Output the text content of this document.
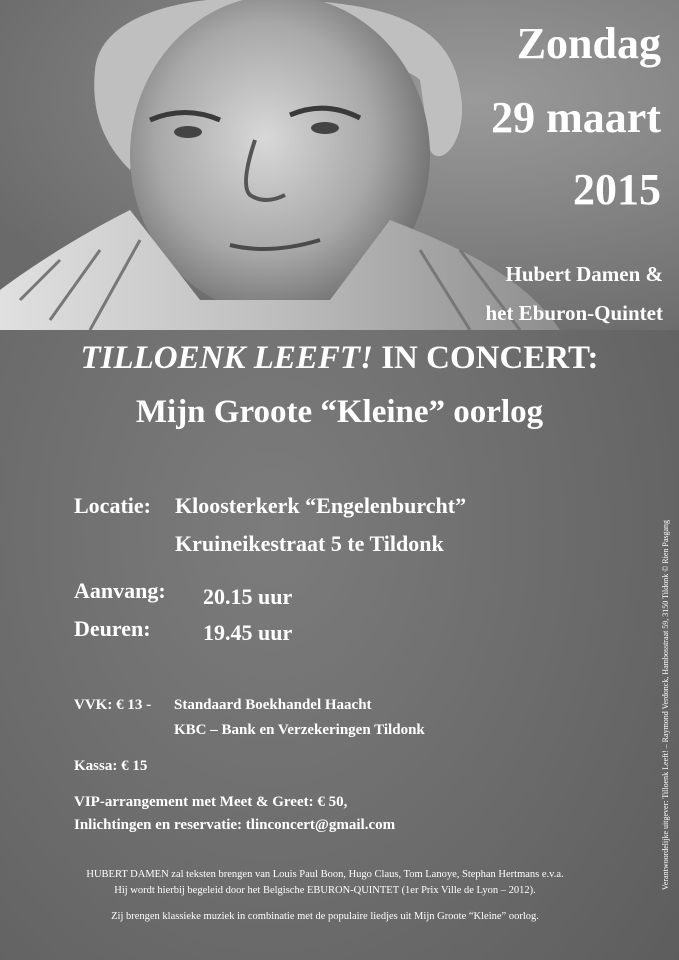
Zondag
29 maart
2015
Hubert Damen &
het Eburon-Quintet
TILLOENK LEEFT! IN CONCERT:
Mijn Groote “Kleine” oorlog
Locatie: Kloosterkerk “Engelenburcht”
Kruineikestraat 5 te Tildonk
Aanvang: 20.15 uur
Deuren: 19.45 uur
VVK: € 13 - Standaard Boekhandel Haacht
KBC – Bank en Verzekeringen Tildonk
Kassa: € 15
VIP-arrangement met Meet & Greet: € 50,
Inlichtingen en reservatie: tlinconcert@gmail.com
HUBERT DAMEN zal teksten brengen van Louis Paul Boon, Hugo Claus, Tom Lanoye, Stephan Hertmans e.v.a.
Hij wordt hierbij begeleid door het Belgische EBURON-QUINTET (1er Prix Ville de Lyon – 2012).
Zij brengen klassieke muziek in combinatie met de populaire liedjes uit Mijn Groote “Kleine” oorlog.
Verantwoordelijke uitgever: Tilloenk Leeft! – Raymond Verdonck, Hambosstraat 59, 3150 Tildonk © Rien Pasgang
